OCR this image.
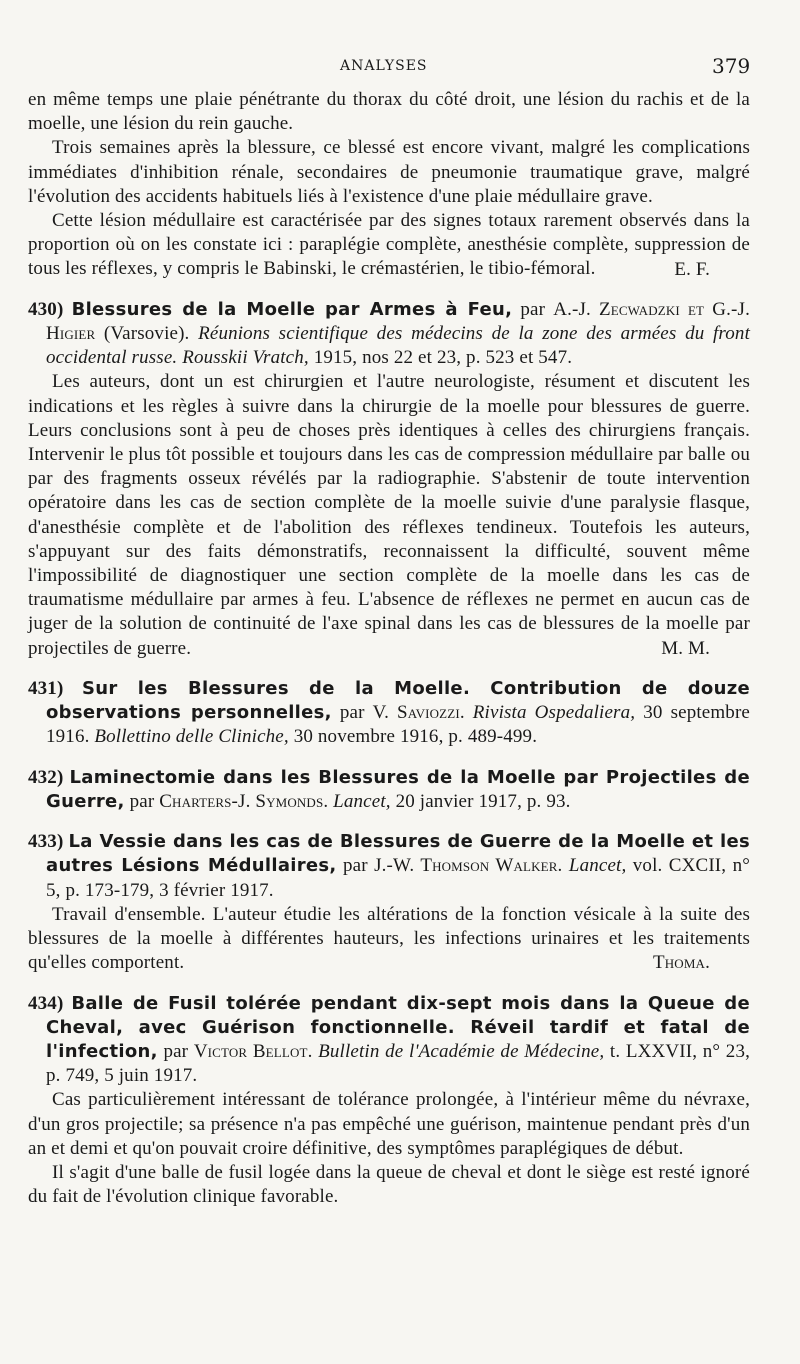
ANALYSES	379

en même temps une plaie pénétrante du thorax du côté droit, une lésion du rachis et de la moelle, une lésion du rein gauche.

Trois semaines après la blessure, ce blessé est encore vivant, malgré les complications immédiates d'inhibition rénale, secondaires de pneumonie traumatique grave, malgré l'évolution des accidents habituels liés à l'existence d'une plaie médullaire grave.

Cette lésion médullaire est caractérisée par des signes totaux rarement observés dans la proportion où on les constate ici : paraplégie complète, anesthésie complète, suppression de tous les réflexes, y compris le Babinski, le crémastérien, le tibio-fémoral.	E. F.

430) Blessures de la Moelle par Armes à Feu, par A.-J. Zecwadzki et G.-J. Higier (Varsovie). Réunions scientifique des médecins de la zone des armées du front occidental russe. Rousskii Vratch, 1915, nos 22 et 23, p. 523 et 547.

Les auteurs, dont un est chirurgien et l'autre neurologiste, résument et discutent les indications et les règles à suivre dans la chirurgie de la moelle pour blessures de guerre. Leurs conclusions sont à peu de choses près identiques à celles des chirurgiens français. Intervenir le plus tôt possible et toujours dans les cas de compression médullaire par balle ou par des fragments osseux révélés par la radiographie. S'abstenir de toute intervention opératoire dans les cas de section complète de la moelle suivie d'une paralysie flasque, d'anesthésie complète et de l'abolition des réflexes tendineux. Toutefois les auteurs, s'appuyant sur des faits démonstratifs, reconnaissent la difficulté, souvent même l'impossibilité de diagnostiquer une section complète de la moelle dans les cas de traumatisme médullaire par armes à feu. L'absence de réflexes ne permet en aucun cas de juger de la solution de continuité de l'axe spinal dans les cas de blessures de la moelle par projectiles de guerre.	M. M.

431) Sur les Blessures de la Moelle. Contribution de douze observations personnelles, par V. Saviozzi. Rivista Ospedaliera, 30 septembre 1916. Bollettino delle Cliniche, 30 novembre 1916, p. 489-499.

432) Laminectomie dans les Blessures de la Moelle par Projectiles de Guerre, par Charters-J. Symonds. Lancet, 20 janvier 1917, p. 93.

433) La Vessie dans les cas de Blessures de Guerre de la Moelle et les autres Lésions Médullaires, par J.-W. Thomson Walker. Lancet, vol. CXCII, n° 5, p. 173-179, 3 février 1917.

Travail d'ensemble. L'auteur étudie les altérations de la fonction vésicale à la suite des blessures de la moelle à différentes hauteurs, les infections urinaires et les traitements qu'elles comportent.	Thoma.

434) Balle de Fusil tolérée pendant dix-sept mois dans la Queue de Cheval, avec Guérison fonctionnelle. Réveil tardif et fatal de l'infection, par Victor Bellot. Bulletin de l'Académie de Médecine, t. LXXVII, n° 23, p. 749, 5 juin 1917.

Cas particulièrement intéressant de tolérance prolongée, à l'intérieur même du névraxe, d'un gros projectile; sa présence n'a pas empêché une guérison, maintenue pendant près d'un an et demi et qu'on pouvait croire définitive, des symptômes paraplégiques de début.

Il s'agit d'une balle de fusil logée dans la queue de cheval et dont le siège est resté ignoré du fait de l'évolution clinique favorable.
